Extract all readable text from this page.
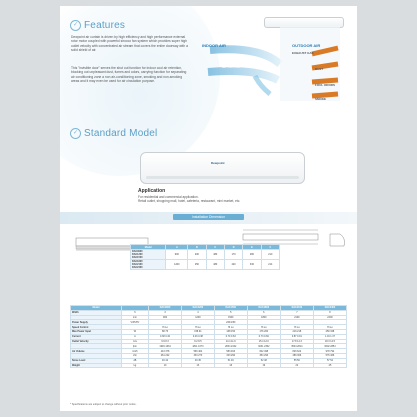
✓ Features
Dewpoint air curtain is driven by high efficiency and high performance external rotor motor coupled with powerful sirocco fan system which provides super high outlet velocity with concentrated air stream that covers the entire doorway with a solid shield of air.
This "invisible door" serves the shut out function for indoor cool air retention, blocking out unpleasant dust, fumes and odors, carrying function for separating air conditioning zone a non air-conditioning zone, smoking and non-smoking areas and it may even be used for air circulation purpose.
INDOOR AIR	OUTDOOR AIR
EXHAUST GAS
DUST
FOUL ODORS
SMOKE
RETURN AIR
CLEAN AIR
✓ Standard Model
Dewpoint
Application
For residential and commercial application.
Retail outlet, shopping mall, hotel, cafeteria, restaurant, mini market, etc.
Installation Dimension
Model	A	B	C	D	E	F
DAC0900
DAC1200
DAC1500	900	200	480	170	280	210
DAC1800
DAC2100
DAC2400	1200	250	480	220	330	214
Model		DAC0900	DAC1200	DAC1500	DAC1800	DAC2100	DAC2400
Width	ft	3	4	5	6	7	8
	mm	900	1200	1500	1800	2100	2400
Power Supply	V/Ph/Hz			240/1/50			
Speed Control		Hi Lo	Hi Lo	Hi Lo	Hi Lo	Hi Lo	Hi Lo
Max Power Input	W	88 76	158 91	168 150	176 200	216 218	250 328
Current	A	0.38 0.32	0.46 0.38	0.70 0.63	0.73 0.84	0.87 0.91	1.04 1.37
Outlet Velocity	m/s	9.9 8.3	9.2 8.5	14.4 11.9	15.4 12.0	17.8 14.3	18.3 14.5
	fpm	1949 1634	1811 1673	2834 2342	3031 2362	3504 2814	3602 2854
Air Volume	m3/h	443 378	566 464	583 493	602 498	826 622	978 792
	cfm	261 222	333 273	343 290	354 293	486 366	576 466
Noise Level	dB	46 42	49 45	51 46	52 48	55 50	57 52
Weight	kg	10	13	16	19	22	25
* Specifications are subject to change without prior notice.
